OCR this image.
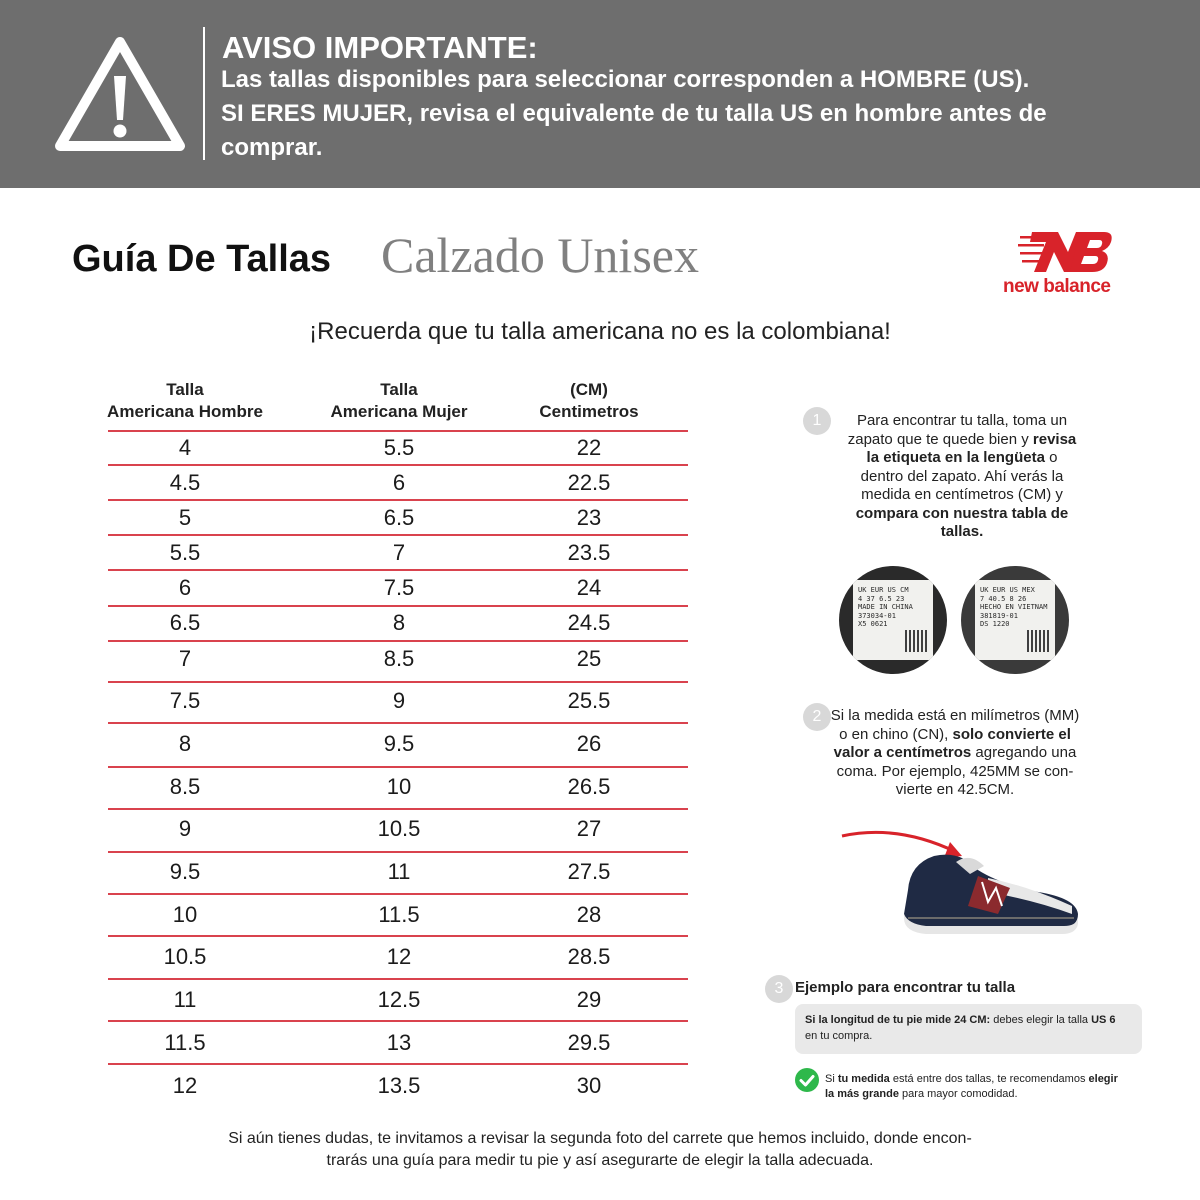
AVISO IMPORTANTE:
Las tallas disponibles para seleccionar corresponden a HOMBRE (US).
SI ERES MUJER, revisa el equivalente de tu talla US en hombre antes de
comprar.
Guía De Tallas Calzado Unisex
new balance
¡Recuerda que tu talla americana no es la colombiana!
Talla
Americana Hombre
Talla
Americana Mujer
(CM)
Centimetros
4	5.5	22
4.5	6	22.5
5	6.5	23
5.5	7	23.5
6	7.5	24
6.5	8	24.5
7	8.5	25
7.5	9	25.5
8	9.5	26
8.5	10	26.5
9	10.5	27
9.5	11	27.5
10	11.5	28
10.5	12	28.5
11	12.5	29
11.5	13	29.5
12	13.5	30
1	Para encontrar tu talla, toma un
zapato que te quede bien y revisa
la etiqueta en la lengüeta o
dentro del zapato. Ahí verás la
medida en centímetros (CM) y
compara con nuestra tabla de
tallas.
UK EUR US CM
4 37 6.5 23
MADE IN CHINA
373034-01
X5 0621
UK EUR US MEX
7 40.5 8 26
HECHO EN VIETNAM
381819-01
DS 1220
2 Si la medida está en milímetros (MM)
o en chino (CN), solo convierte el
valor a centímetros agregando una
coma. Por ejemplo, 425MM se con-
vierte en 42.5CM.
3 Ejemplo para encontrar tu talla
Si la longitud de tu pie mide 24 CM: debes elegir la talla US 6
en tu compra.
Si tu medida está entre dos tallas, te recomendamos elegir
la más grande para mayor comodidad.
Si aún tienes dudas, te invitamos a revisar la segunda foto del carrete que hemos incluido, donde encon-
trarás una guía para medir tu pie y así asegurarte de elegir la talla adecuada.
